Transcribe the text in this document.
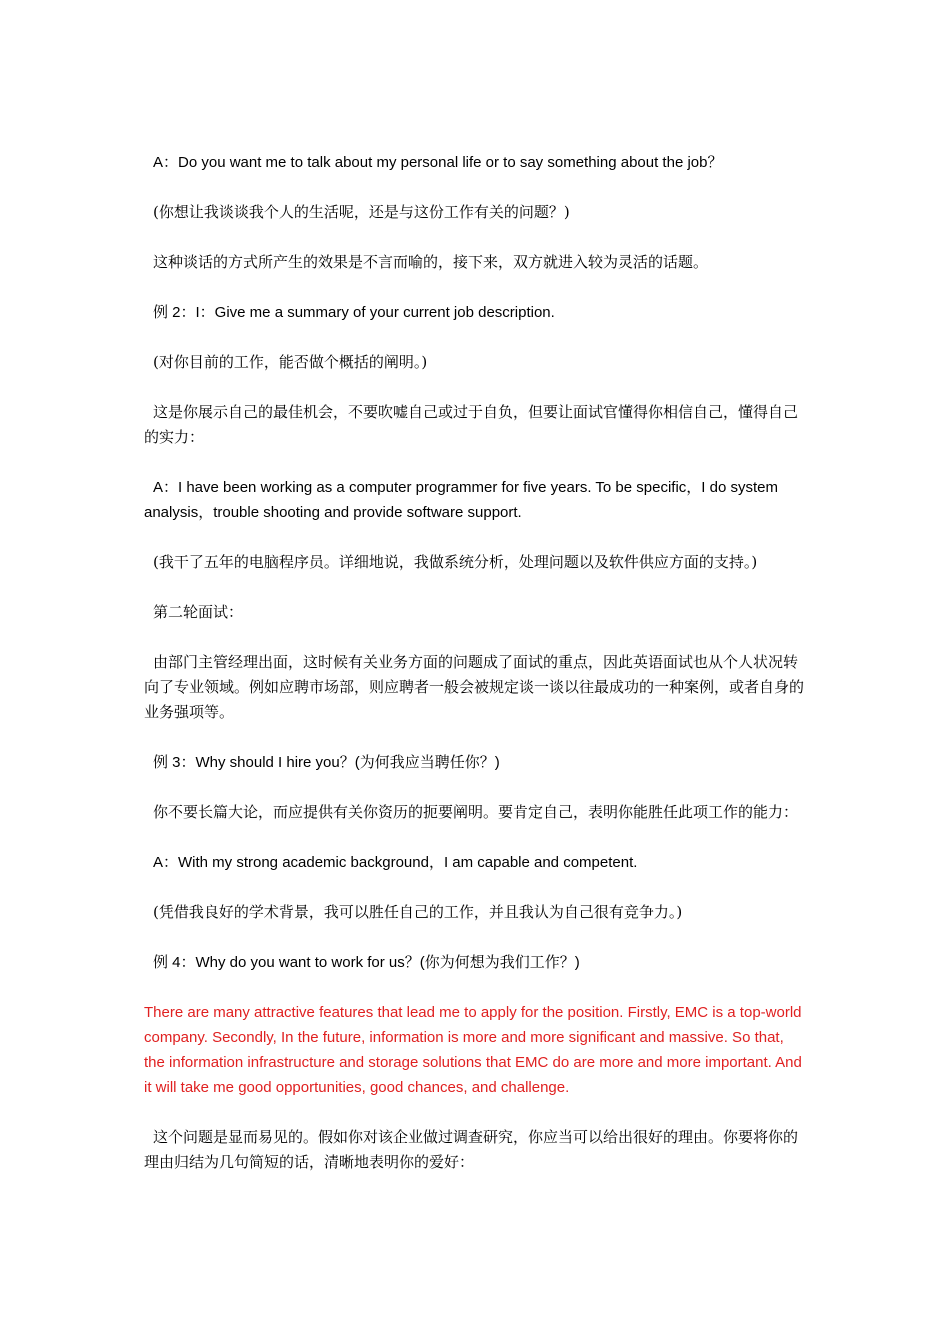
A：Do you want me to talk about my personal life or to say something about the job？

(你想让我谈谈我个人的生活呢，还是与这份工作有关的问题？)

这种谈话的方式所产生的效果是不言而喻的，接下来，双方就进入较为灵活的话题。

例 2：I：Give me a summary of your current job description.

(对你目前的工作，能否做个概括的阐明。)

这是你展示自己的最佳机会，不要吹嘘自己或过于自负，但要让面试官懂得你相信自己，懂得自己的实力：

A：I have been working as a computer programmer for five years. To be specific，I do system analysis，trouble shooting and provide software support.

(我干了五年的电脑程序员。详细地说，我做系统分析，处理问题以及软件供应方面的支持。)

第二轮面试：

由部门主管经理出面，这时候有关业务方面的问题成了面试的重点，因此英语面试也从个人状况转向了专业领域。例如应聘市场部，则应聘者一般会被规定谈一谈以往最成功的一种案例，或者自身的业务强项等。

例 3：Why should I hire you？(为何我应当聘任你？)

你不要长篇大论，而应提供有关你资历的扼要阐明。要肯定自己，表明你能胜任此项工作的能力：

A：With my strong academic background，I am capable and competent.

(凭借我良好的学术背景，我可以胜任自己的工作，并且我认为自己很有竞争力。)

例 4：Why do you want to work for us？(你为何想为我们工作？)

There are many attractive features that lead me to apply for the position. Firstly, EMC is a top-world company. Secondly, In the future, information is more and more significant and massive. So that, the information infrastructure and storage solutions that EMC do are more and more important. And it will take me good opportunities, good chances, and challenge.

这个问题是显而易见的。假如你对该企业做过调查研究，你应当可以给出很好的理由。你要将你的理由归结为几句简短的话，清晰地表明你的爱好：
